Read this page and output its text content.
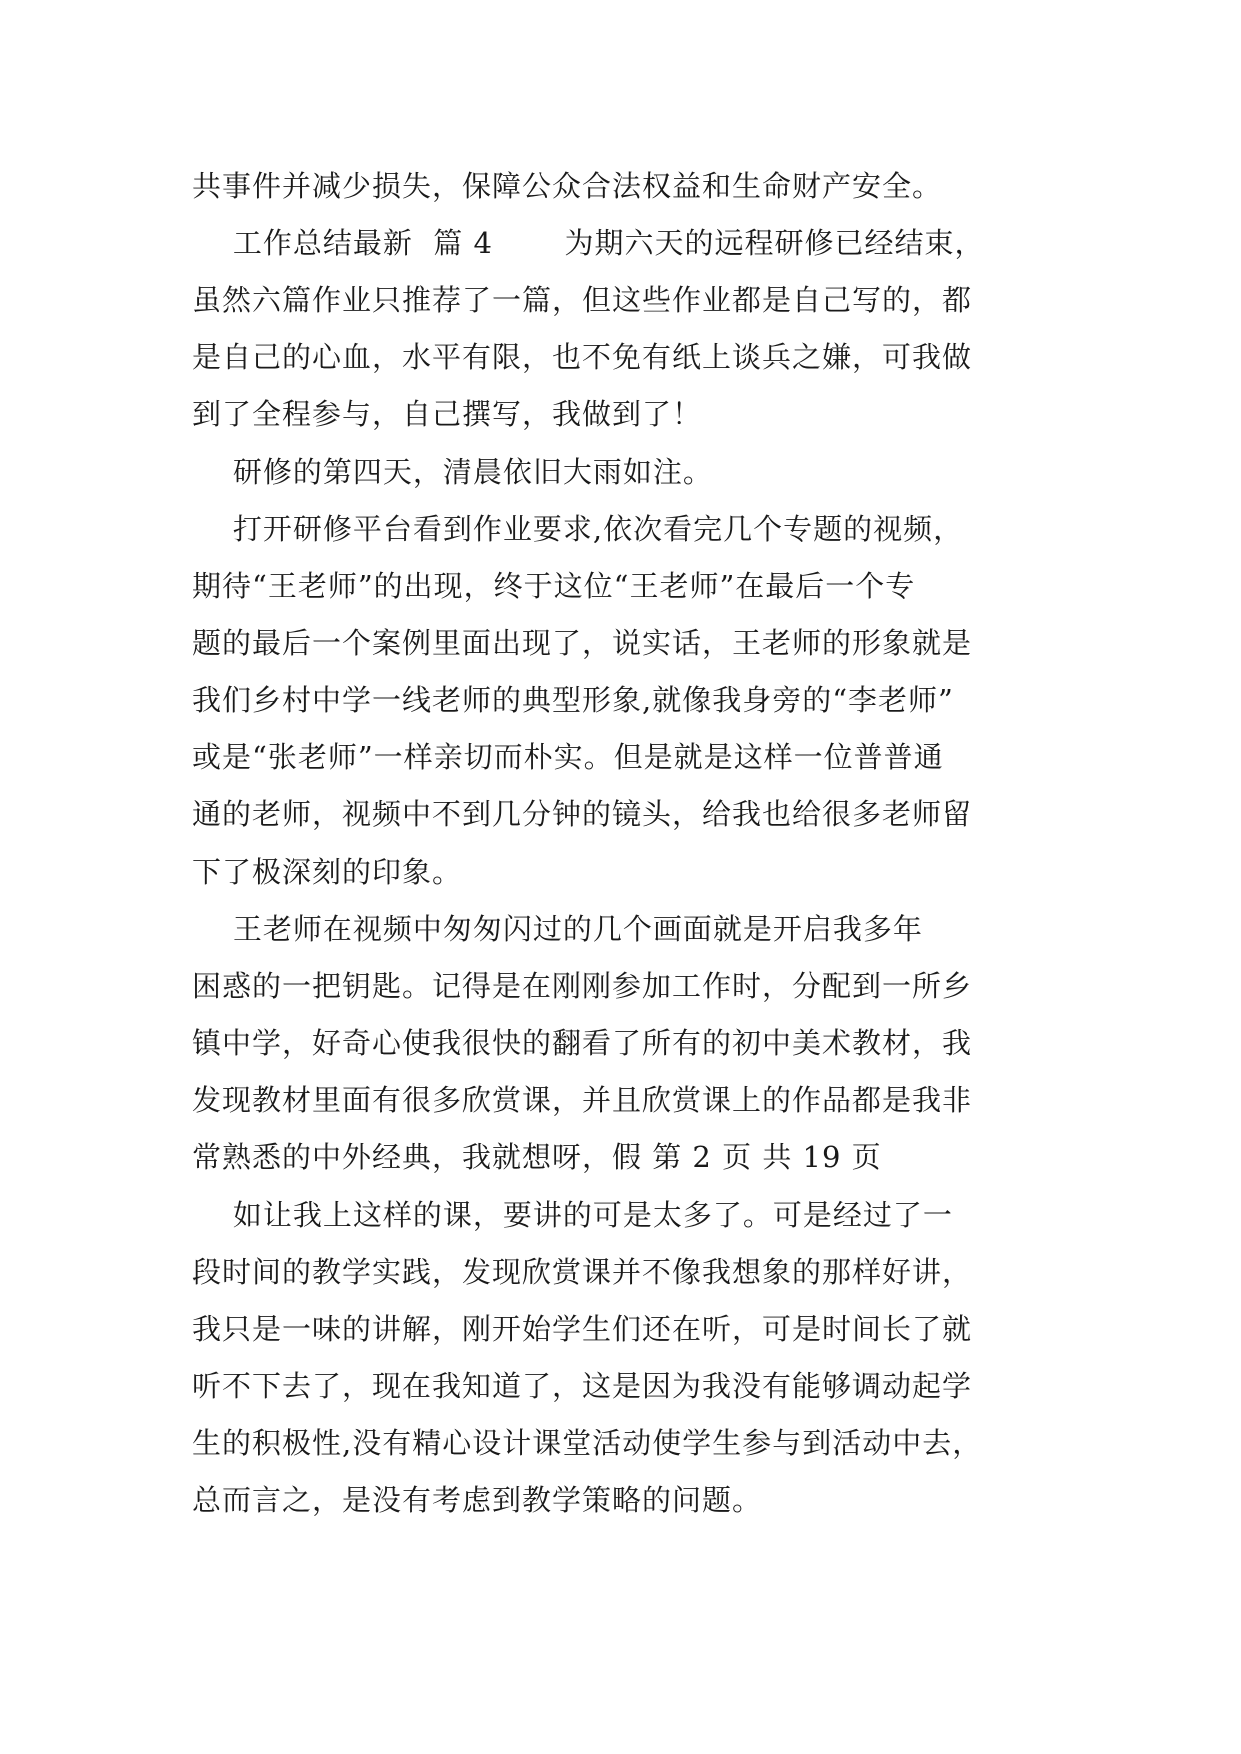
共事件并减少损失，保障公众合法权益和生命财产安全。
工作总结最新  篇 4       为期六天的远程研修已经结束，
虽然六篇作业只推荐了一篇，但这些作业都是自己写的，都
是自己的心血，水平有限，也不免有纸上谈兵之嫌，可我做
到了全程参与，自己撰写，我做到了！
研修的第四天，清晨依旧大雨如注。
打开研修平台看到作业要求,依次看完几个专题的视频，
期待“王老师”的出现，终于这位“王老师”在最后一个专
题的最后一个案例里面出现了，说实话，王老师的形象就是
我们乡村中学一线老师的典型形象,就像我身旁的“李老师”
或是“张老师”一样亲切而朴实。但是就是这样一位普普通
通的老师，视频中不到几分钟的镜头，给我也给很多老师留
下了极深刻的印象。
王老师在视频中匆匆闪过的几个画面就是开启我多年
困惑的一把钥匙。记得是在刚刚参加工作时，分配到一所乡
镇中学，好奇心使我很快的翻看了所有的初中美术教材，我
发现教材里面有很多欣赏课，并且欣赏课上的作品都是我非
常熟悉的中外经典，我就想呀，假 第 2 页 共 19 页
如让我上这样的课，要讲的可是太多了。可是经过了一
段时间的教学实践，发现欣赏课并不像我想象的那样好讲，
我只是一味的讲解，刚开始学生们还在听，可是时间长了就
听不下去了，现在我知道了，这是因为我没有能够调动起学
生的积极性,没有精心设计课堂活动使学生参与到活动中去，
总而言之，是没有考虑到教学策略的问题。
